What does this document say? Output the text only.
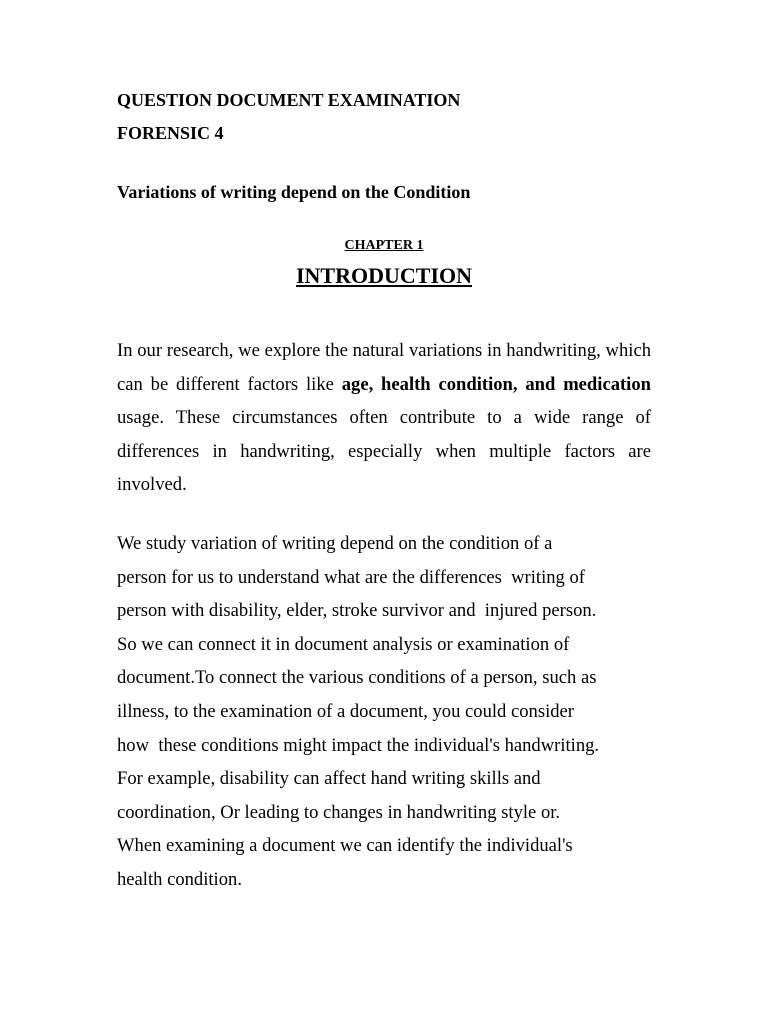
QUESTION DOCUMENT EXAMINATION
FORENSIC 4
Variations of writing depend on the Condition
CHAPTER 1
INTRODUCTION

In our research, we explore the natural variations in handwriting, which can be different factors like age, health condition, and medication usage. These circumstances often contribute to a wide range of differences in handwriting, especially when multiple factors are involved.

We study variation of writing depend on the condition of a
person for us to understand what are the differences  writing of
person with disability, elder, stroke survivor and  injured person.
So we can connect it in document analysis or examination of
document.To connect the various conditions of a person, such as
illness, to the examination of a document, you could consider
how  these conditions might impact the individual's handwriting.
For example, disability can affect hand writing skills and
coordination, Or leading to changes in handwriting style or.
When examining a document we can identify the individual's
health condition.
